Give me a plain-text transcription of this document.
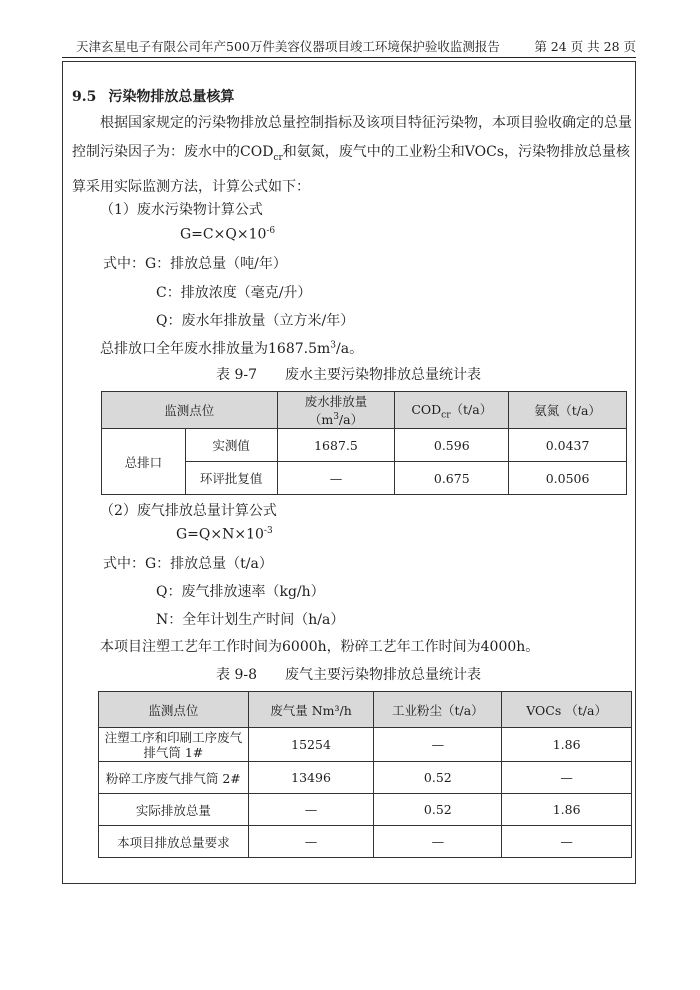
天津玄星电子有限公司年产500万件美容仪器项目竣工环境保护验收监测报告	第 24 页 共 28 页
9.5 污染物排放总量核算
根据国家规定的污染物排放总量控制指标及该项目特征污染物，本项目验收确定的总量控制污染因子为：废水中的$COD_{cr}$和氨氮，废气中的工业粉尘和VOCs，污染物排放总量核算采用实际监测方法，计算公式如下：
（1）废水污染物计算公式
$G=C\times Q\times 10^{-6}$
式中：G：排放总量（吨/年）
C：排放浓度（毫克/升）
Q：废水年排放量（立方米/年）
总排放口全年废水排放量为$1687.5m^3/a$。
表 9-7　　废水主要污染物排放总量统计表
监测点位		废水排放量$(m^3/a)$	$COD_{cr}(t/a)$	氨氮（t/a）
总排口	实测值	1687.5	0.596	0.0437
	环评批复值	—	0.675	0.0506
（2）废气排放总量计算公式
$G=Q\times N\times 10^{-3}$
式中：G：排放总量（t/a）
Q：废气排放速率（kg/h）
N：全年计划生产时间（h/a）
本项目注塑工艺年工作时间为6000h，粉碎工艺年工作时间为4000h。
表 9-8　　废气主要污染物排放总量统计表
监测点位	废气量 Nm³/h	工业粉尘（t/a）	VOCs （t/a）
注塑工序和印刷工序废气排气筒 1#	15254	—	1.86
粉碎工序废气排气筒 2#	13496	0.52	—
实际排放总量	—	0.52	1.86
本项目排放总量要求	—	—	—
